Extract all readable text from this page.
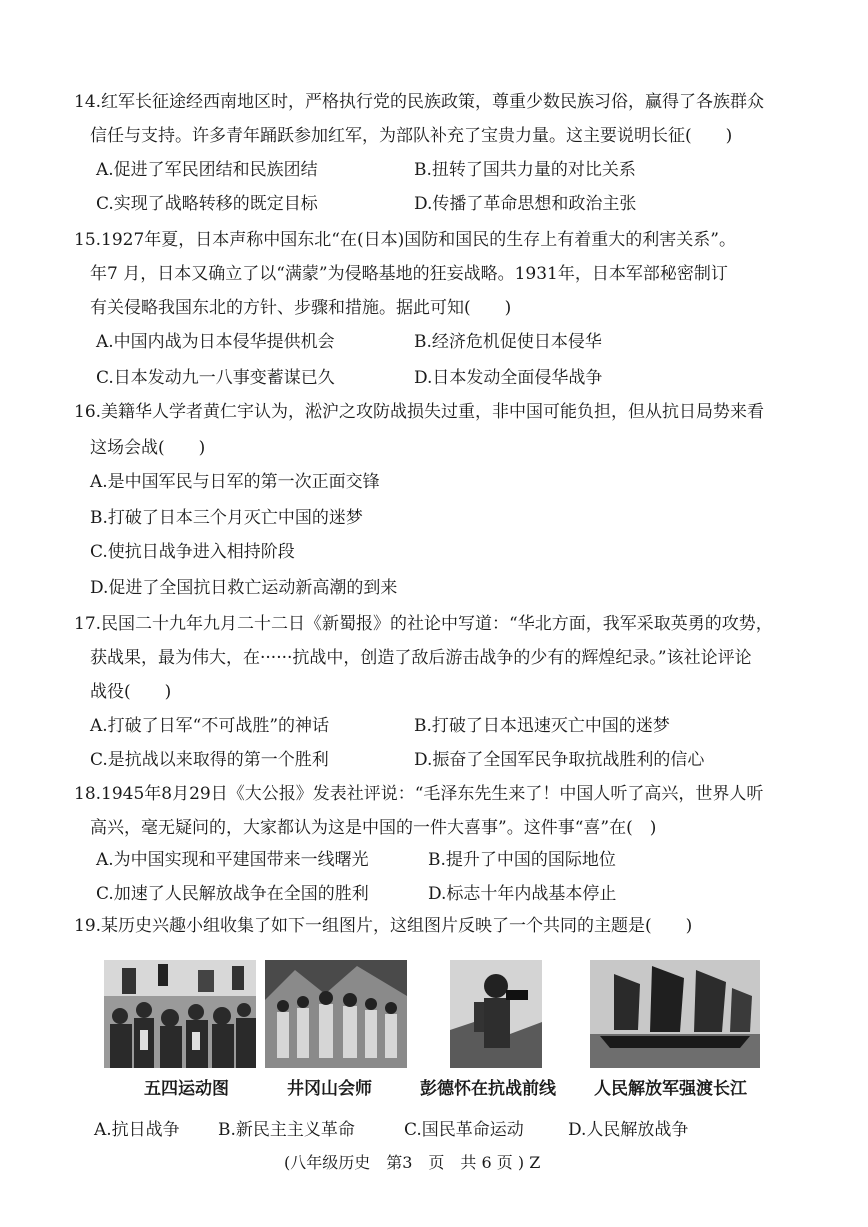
14.红军长征途经西南地区时，严格执行党的民族政策，尊重少数民族习俗，赢得了各族群众
信任与支持。许多青年踊跃参加红军，为部队补充了宝贵力量。这主要说明长征(　　)
A.促进了军民团结和民族团结	B.扭转了国共力量的对比关系
C.实现了战略转移的既定目标	D.传播了革命思想和政治主张
15.1927年夏，日本声称中国东北“在(日本)国防和国民的生存上有着重大的利害关系”。
年7 月，日本又确立了以“满蒙”为侵略基地的狂妄战略。1931年，日本军部秘密制订
有关侵略我国东北的方针、步骤和措施。据此可知(　　)
A.中国内战为日本侵华提供机会	B.经济危机促使日本侵华
C.日本发动九一八事变蓄谋已久	D.日本发动全面侵华战争
16.美籍华人学者黄仁宇认为，淞沪之攻防战损失过重，非中国可能负担，但从抗日局势来看
这场会战(　　)
A.是中国军民与日军的第一次正面交锋
B.打破了日本三个月灭亡中国的迷梦
C.使抗日战争进入相持阶段
D.促进了全国抗日救亡运动新高潮的到来
17.民国二十九年九月二十二日《新蜀报》的社论中写道：“华北方面，我军采取英勇的攻势，
获战果，最为伟大，在······抗战中，创造了敌后游击战争的少有的辉煌纪录。”该社论评论
战役(　　)
A.打破了日军“不可战胜”的神话	B.打破了日本迅速灭亡中国的迷梦
C.是抗战以来取得的第一个胜利	D.振奋了全国军民争取抗战胜利的信心
18.1945年8月29日《大公报》发表社评说：“毛泽东先生来了！中国人听了高兴，世界人听
高兴，毫无疑问的，大家都认为这是中国的一件大喜事”。这件事“喜”在(　)
A.为中国实现和平建国带来一线曙光	B.提升了中国的国际地位
C.加速了人民解放战争在全国的胜利	D.标志十年内战基本停止
19.某历史兴趣小组收集了如下一组图片，这组图片反映了一个共同的主题是(　　)
五四运动图	井冈山会师	彭德怀在抗战前线 人民解放军强渡长江
A.抗日战争 B.新民主主义革命	C.国民革命运动	D.人民解放战争
(八年级历史　第3　页　共 6 页 ) Z
